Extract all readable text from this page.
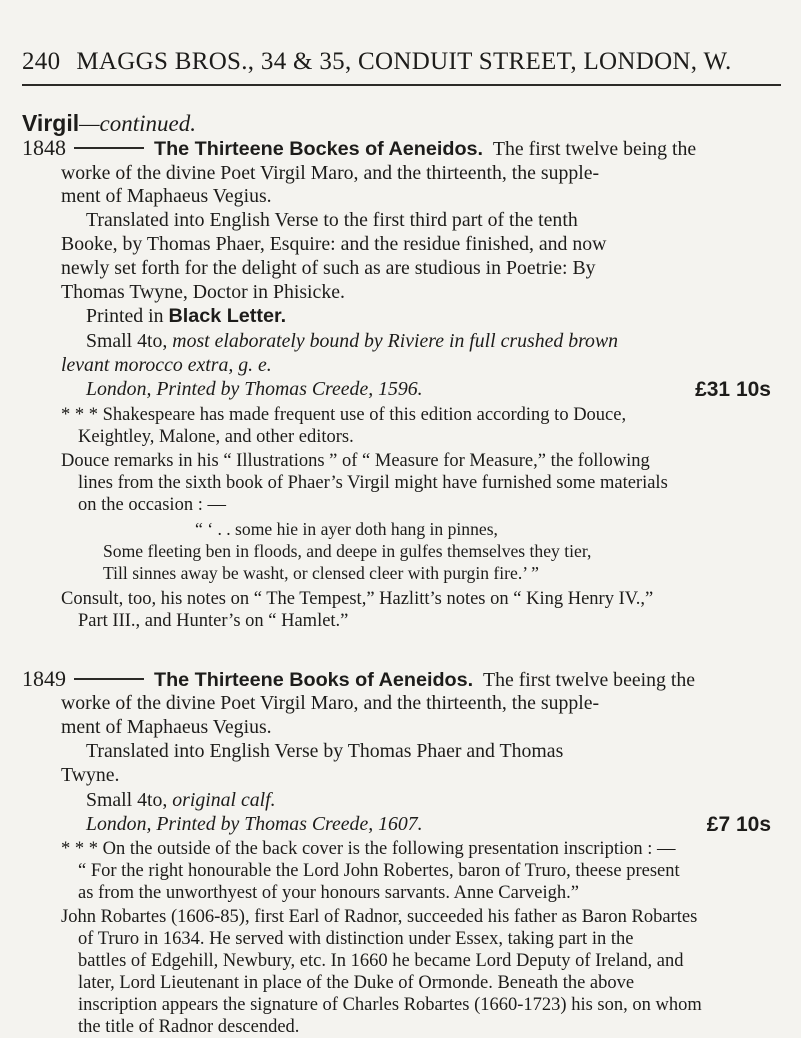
240 MAGGS BROS., 34 & 35, CONDUIT STREET, LONDON, W.
Virgil—continued.
1848	The Thirteene Bockes of Aeneidos. The first twelve being the
worke of the divine Poet Virgil Maro, and the thirteenth, the supple-
ment of Maphaeus Vegius.
Translated into English Verse to the first third part of the tenth
Booke, by Thomas Phaer, Esquire: and the residue finished, and now
newly set forth for the delight of such as are studious in Poetrie: By
Thomas Twyne, Doctor in Phisicke.
Printed in Black Letter.
Small 4to, most elaborately bound by Riviere in full crushed brown
levant morocco extra, g. e.
London, Printed by Thomas Creede, 1596.	£31 10s
* * * Shakespeare has made frequent use of this edition according to Douce,
Keightley, Malone, and other editors.
Douce remarks in his “ Illustrations ” of “ Measure for Measure,” the following
lines from the sixth book of Phaer’s Virgil might have furnished some materials
on the occasion : —
“ ‘ . . some hie in ayer doth hang in pinnes,
Some fleeting ben in floods, and deepe in gulfes themselves they tier,
Till sinnes away be washt, or clensed cleer with purgin fire.’ ”
Consult, too, his notes on “ The Tempest,” Hazlitt’s notes on “ King Henry IV.,”
Part III., and Hunter’s on “ Hamlet.”
1849	The Thirteene Books of Aeneidos. The first twelve beeing the
worke of the divine Poet Virgil Maro, and the thirteenth, the supple-
ment of Maphaeus Vegius.
Translated into English Verse by Thomas Phaer and Thomas
Twyne.
Small 4to, original calf.
London, Printed by Thomas Creede, 1607.	£7 10s
* * * On the outside of the back cover is the following presentation inscription : —
“ For the right honourable the Lord John Robertes, baron of Truro, theese present
as from the unworthyest of your honours sarvants. Anne Carveigh.”
John Robartes (1606-85), first Earl of Radnor, succeeded his father as Baron Robartes
of Truro in 1634. He served with distinction under Essex, taking part in the
battles of Edgehill, Newbury, etc. In 1660 he became Lord Deputy of Ireland, and
later, Lord Lieutenant in place of the Duke of Ormonde. Beneath the above
inscription appears the signature of Charles Robartes (1660-1723) his son, on whom
the title of Radnor descended.
